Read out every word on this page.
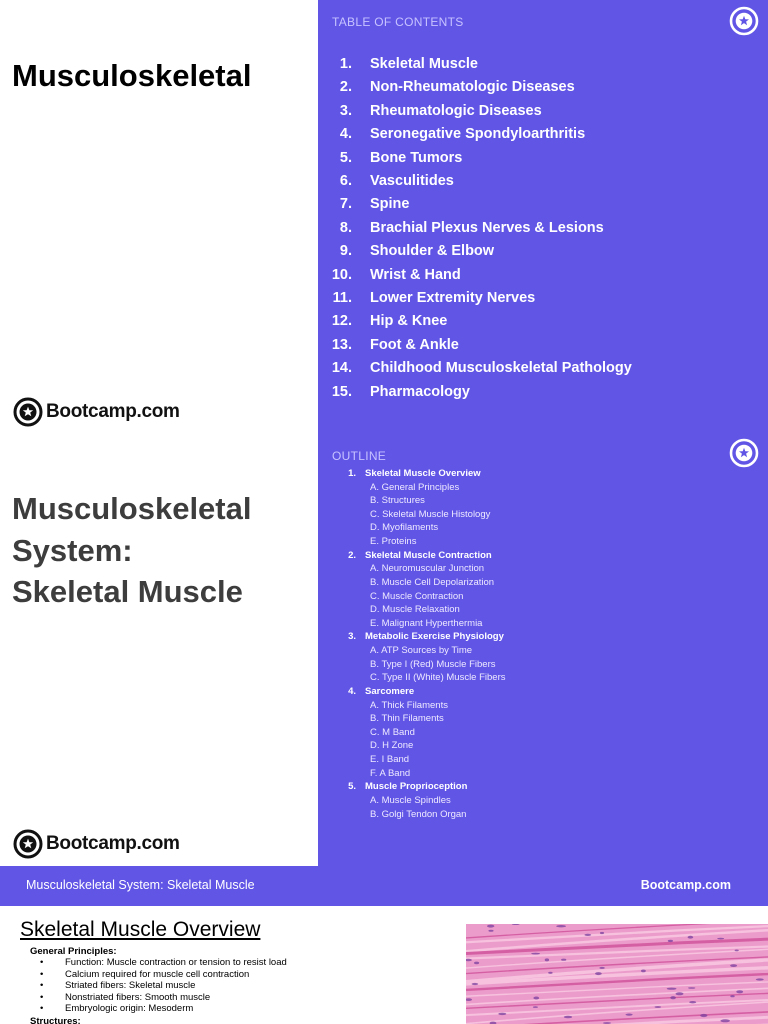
Musculoskeletal
Bootcamp.com
TABLE OF CONTENTS
1. Skeletal Muscle
2. Non-Rheumatologic Diseases
3. Rheumatologic Diseases
4. Seronegative Spondyloarthritis
5. Bone Tumors
6. Vasculitides
7. Spine
8. Brachial Plexus Nerves & Lesions
9. Shoulder & Elbow
10. Wrist & Hand
11. Lower Extremity Nerves
12. Hip & Knee
13. Foot & Ankle
14. Childhood Musculoskeletal Pathology
15. Pharmacology
Musculoskeletal
System:
Skeletal Muscle
Bootcamp.com
OUTLINE
1. Skeletal Muscle Overview
A. General Principles
B. Structures
C. Skeletal Muscle Histology
D. Myofilaments
E. Proteins
2. Skeletal Muscle Contraction
A. Neuromuscular Junction
B. Muscle Cell Depolarization
C. Muscle Contraction
D. Muscle Relaxation
E. Malignant Hyperthermia
3. Metabolic Exercise Physiology
A. ATP Sources by Time
B. Type I (Red) Muscle Fibers
C. Type II (White) Muscle Fibers
4. Sarcomere
A. Thick Filaments
B. Thin Filaments
C. M Band
D. H Zone
E. I Band
F. A Band
5. Muscle Proprioception
A. Muscle Spindles
B. Golgi Tendon Organ
Musculoskeletal System: Skeletal Muscle	Bootcamp.com
Skeletal Muscle Overview
General Principles:
• Function: Muscle contraction or tension to resist load
• Calcium required for muscle cell contraction
• Striated fibers: Skeletal muscle
• Nonstriated fibers: Smooth muscle
• Embryologic origin: Mesoderm
Structures:
